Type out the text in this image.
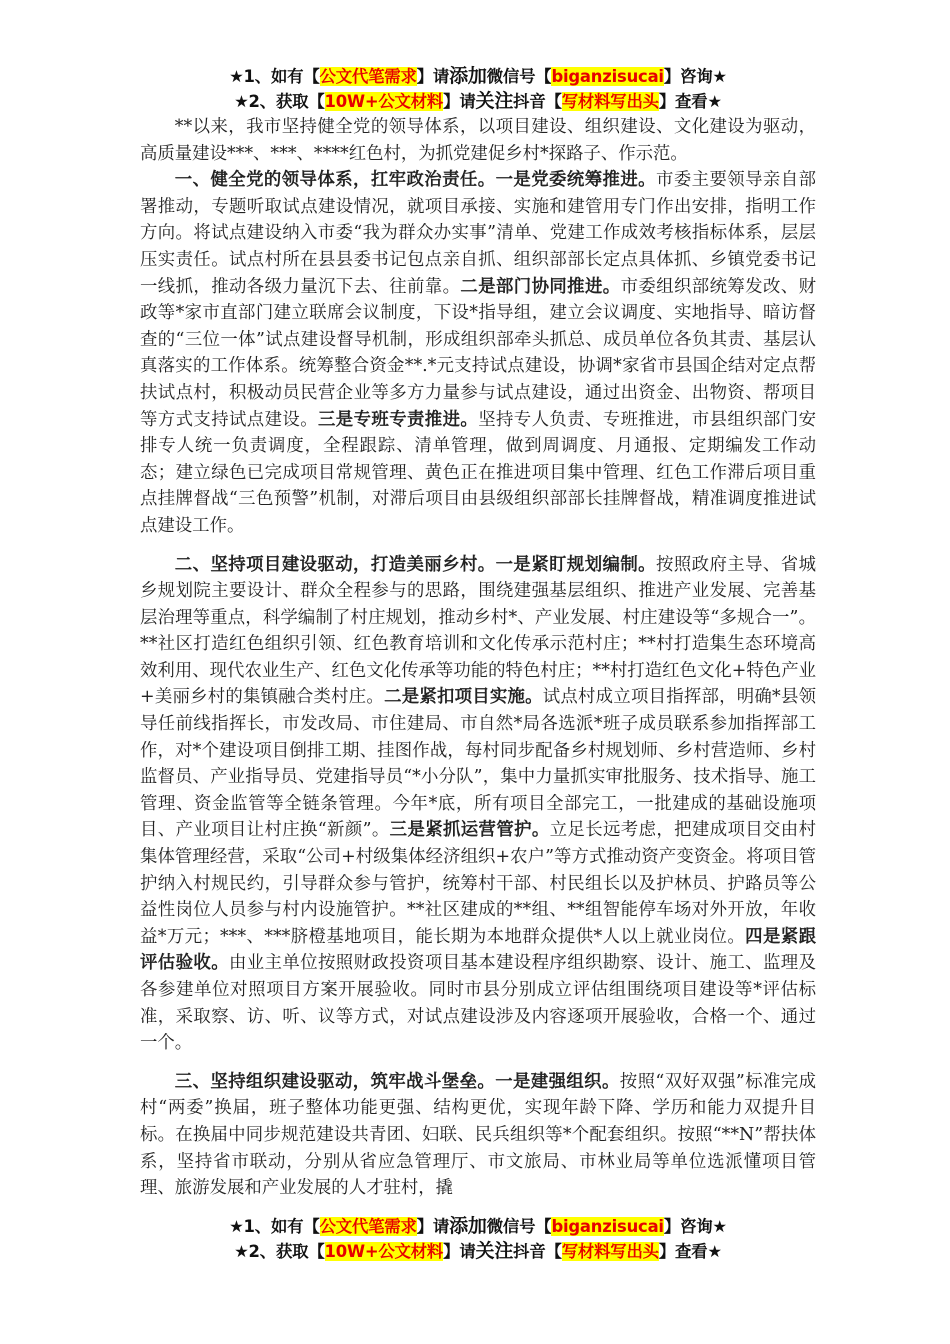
★1、如有【公文代笔需求】请添加微信号【biganzisucai】咨询★
★2、获取【10W+公文材料】请关注抖音【写材料写出头】查看★

**以来，我市坚持健全党的领导体系，以项目建设、组织建设、文化建设为驱动，高质量建设***、***、****红色村，为抓党建促乡村*探路子、作示范。

一、健全党的领导体系，扛牢政治责任。一是党委统筹推进。市委主要领导亲自部署推动，专题听取试点建设情况，就项目承接、实施和建管用专门作出安排，指明工作方向。将试点建设纳入市委“我为群众办实事”清单、党建工作成效考核指标体系，层层压实责任。试点村所在县县委书记包点亲自抓、组织部部长定点具体抓、乡镇党委书记一线抓，推动各级力量沉下去、往前靠。二是部门协同推进。市委组织部统筹发改、财政等*家市直部门建立联席会议制度，下设*指导组，建立会议调度、实地指导、暗访督查的“三位一体”试点建设督导机制，形成组织部牵头抓总、成员单位各负其责、基层认真落实的工作体系。统筹整合资金**.*元支持试点建设，协调*家省市县国企结对定点帮扶试点村，积极动员民营企业等多方力量参与试点建设，通过出资金、出物资、帮项目等方式支持试点建设。三是专班专责推进。坚持专人负责、专班推进，市县组织部门安排专人统一负责调度，全程跟踪、清单管理，做到周调度、月通报、定期编发工作动态；建立绿色已完成项目常规管理、黄色正在推进项目集中管理、红色工作滞后项目重点挂牌督战“三色预警”机制，对滞后项目由县级组织部部长挂牌督战，精准调度推进试点建设工作。

二、坚持项目建设驱动，打造美丽乡村。一是紧盯规划编制。按照政府主导、省城乡规划院主要设计、群众全程参与的思路，围绕建强基层组织、推进产业发展、完善基层治理等重点，科学编制了村庄规划，推动乡村*、产业发展、村庄建设等“多规合一”。**社区打造红色组织引领、红色教育培训和文化传承示范村庄；**村打造集生态环境高效利用、现代农业生产、红色文化传承等功能的特色村庄；**村打造红色文化+特色产业+美丽乡村的集镇融合类村庄。二是紧扣项目实施。试点村成立项目指挥部，明确*县领导任前线指挥长，市发改局、市住建局、市自然*局各选派*班子成员联系参加指挥部工作，对*个建设项目倒排工期、挂图作战，每村同步配备乡村规划师、乡村营造师、乡村监督员、产业指导员、党建指导员“*小分队”，集中力量抓实审批服务、技术指导、施工管理、资金监管等全链条管理。今年*底，所有项目全部完工，一批建成的基础设施项目、产业项目让村庄换“新颜”。三是紧抓运营管护。立足长远考虑，把建成项目交由村集体管理经营，采取“公司+村级集体经济组织+农户”等方式推动资产变资金。将项目管护纳入村规民约，引导群众参与管护，统筹村干部、村民组长以及护林员、护路员等公益性岗位人员参与村内设施管护。**社区建成的**组、**组智能停车场对外开放，年收益*万元；***、***脐橙基地项目，能长期为本地群众提供*人以上就业岗位。四是紧跟评估验收。由业主单位按照财政投资项目基本建设程序组织勘察、设计、施工、监理及各参建单位对照项目方案开展验收。同时市县分别成立评估组围绕项目建设等*评估标准，采取察、访、听、议等方式，对试点建设涉及内容逐项开展验收，合格一个、通过一个。

三、坚持组织建设驱动，筑牢战斗堡垒。一是建强组织。按照“双好双强”标准完成村“两委”换届，班子整体功能更强、结构更优，实现年龄下降、学历和能力双提升目标。在换届中同步规范建设共青团、妇联、民兵组织等*个配套组织。按照“**N”帮扶体系，坚持省市联动，分别从省应急管理厅、市文旅局、市林业局等单位选派懂项目管理、旅游发展和产业发展的人才驻村，撬

★1、如有【公文代笔需求】请添加微信号【biganzisucai】咨询★
★2、获取【10W+公文材料】请关注抖音【写材料写出头】查看★
